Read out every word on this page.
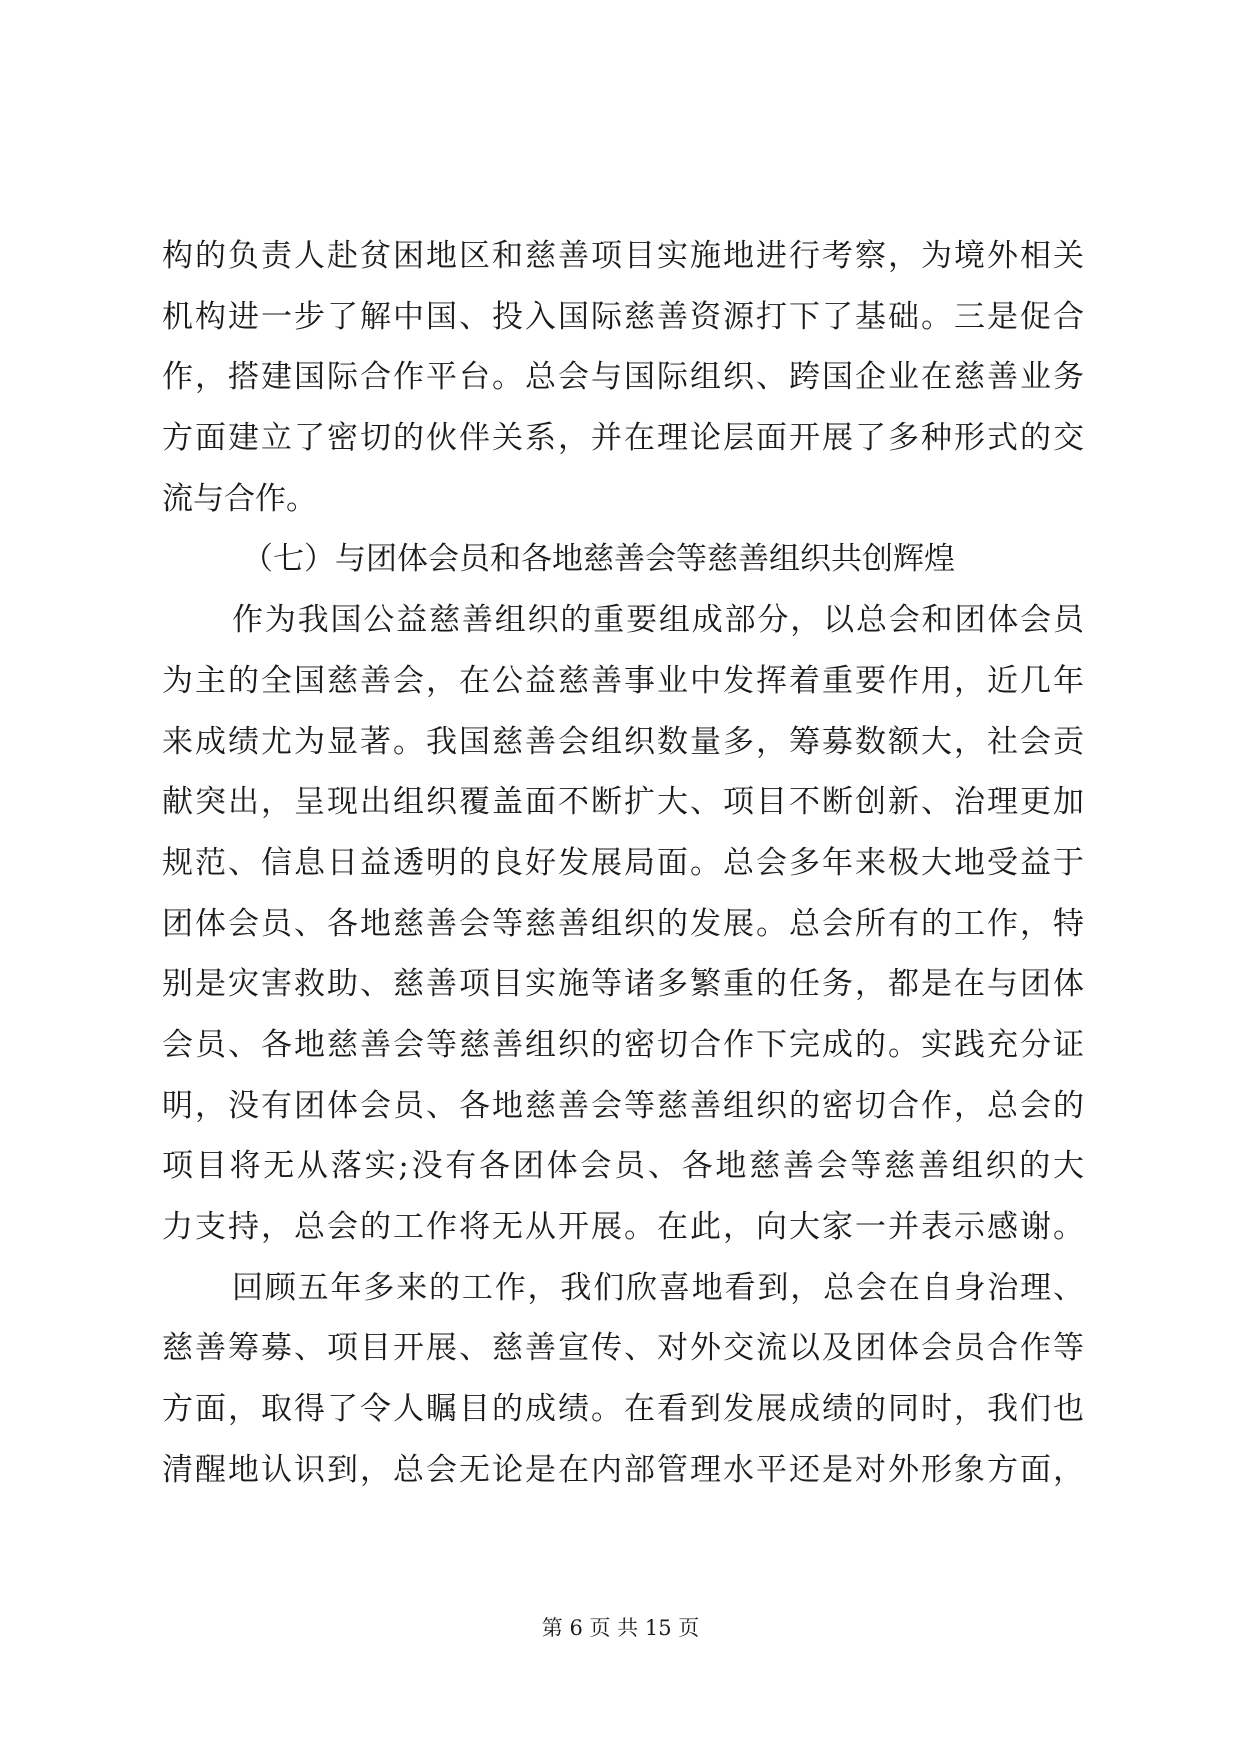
构的负责人赴贫困地区和慈善项目实施地进行考察，为境外相关
机构进一步了解中国、投入国际慈善资源打下了基础。三是促合
作，搭建国际合作平台。总会与国际组织、跨国企业在慈善业务
方面建立了密切的伙伴关系，并在理论层面开展了多种形式的交
流与合作。
（七）与团体会员和各地慈善会等慈善组织共创辉煌
作为我国公益慈善组织的重要组成部分，以总会和团体会员
为主的全国慈善会，在公益慈善事业中发挥着重要作用，近几年
来成绩尤为显著。我国慈善会组织数量多，筹募数额大，社会贡
献突出，呈现出组织覆盖面不断扩大、项目不断创新、治理更加
规范、信息日益透明的良好发展局面。总会多年来极大地受益于
团体会员、各地慈善会等慈善组织的发展。总会所有的工作，特
别是灾害救助、慈善项目实施等诸多繁重的任务，都是在与团体
会员、各地慈善会等慈善组织的密切合作下完成的。实践充分证
明，没有团体会员、各地慈善会等慈善组织的密切合作，总会的
项目将无从落实;没有各团体会员、各地慈善会等慈善组织的大
力支持，总会的工作将无从开展。在此，向大家一并表示感谢。
回顾五年多来的工作，我们欣喜地看到，总会在自身治理、
慈善筹募、项目开展、慈善宣传、对外交流以及团体会员合作等
方面，取得了令人瞩目的成绩。在看到发展成绩的同时，我们也
清醒地认识到，总会无论是在内部管理水平还是对外形象方面，
第 6 页 共 15 页
